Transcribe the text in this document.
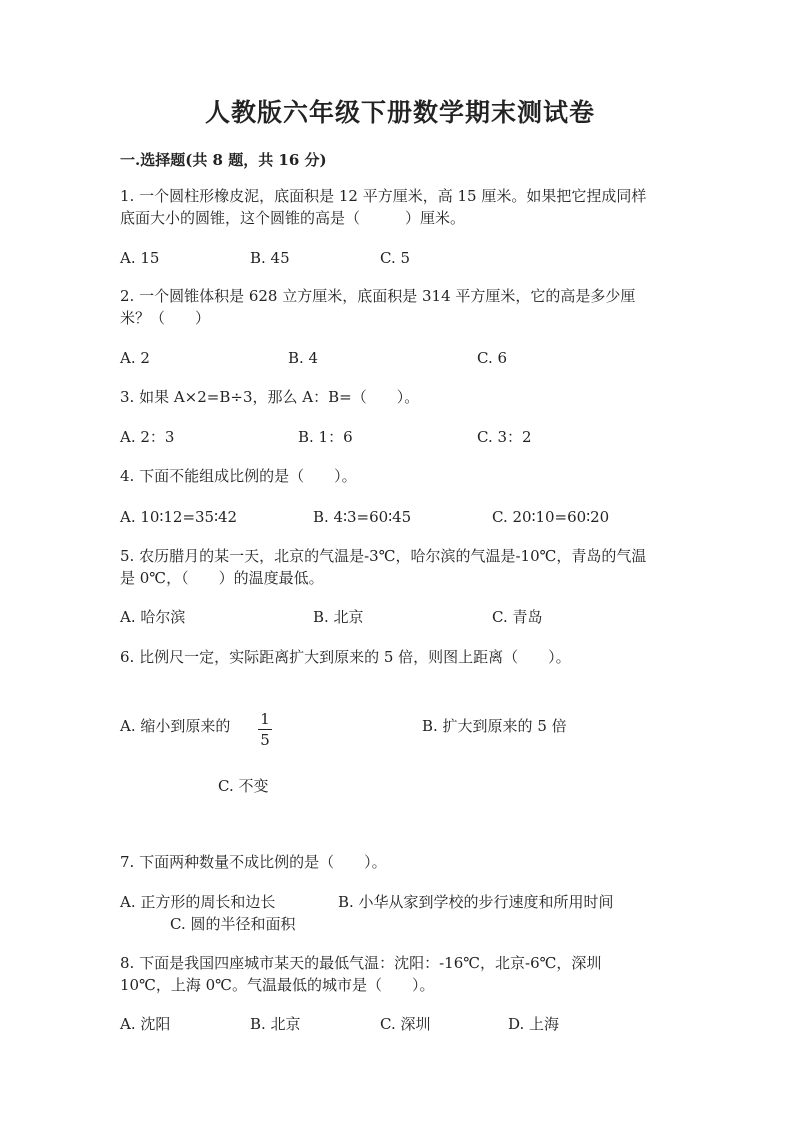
人教版六年级下册数学期末测试卷
一.选择题(共 8 题，共 16 分)
1. 一个圆柱形橡皮泥，底面积是 12 平方厘米，高 15 厘米。如果把它捏成同样
底面大小的圆锥，这个圆锥的高是（　　　）厘米。
A. 15	B. 45	C. 5
2. 一个圆锥体积是 628 立方厘米，底面积是 314 平方厘米，它的高是多少厘
米？（　　）
A. 2	B. 4	C. 6
3. 如果 A×2=B÷3，那么 A：B=（　　）。
A. 2：3	B. 1：6	C. 3：2
4. 下面不能组成比例的是（　　）。
A. 10∶12=35∶42	B. 4∶3=60∶45	C. 20∶10=60∶20
5. 农历腊月的某一天，北京的气温是-3℃，哈尔滨的气温是-10℃，青岛的气温
是 0℃，（　　）的温度最低。
A. 哈尔滨	B. 北京	C. 青岛
6. 比例尺一定，实际距离扩大到原来的 5 倍，则图上距离（　　）。
A. 缩小到原来的 1
5
B. 扩大到原来的 5 倍
C. 不变
7. 下面两种数量不成比例的是（　　）。
A. 正方形的周长和边长	B. 小华从家到学校的步行速度和所用时间
C. 圆的半径和面积
8. 下面是我国四座城市某天的最低气温：沈阳：-16℃，北京-6℃，深圳
10℃，上海 0℃。气温最低的城市是（　　）。
A. 沈阳	B. 北京	C. 深圳	D. 上海
